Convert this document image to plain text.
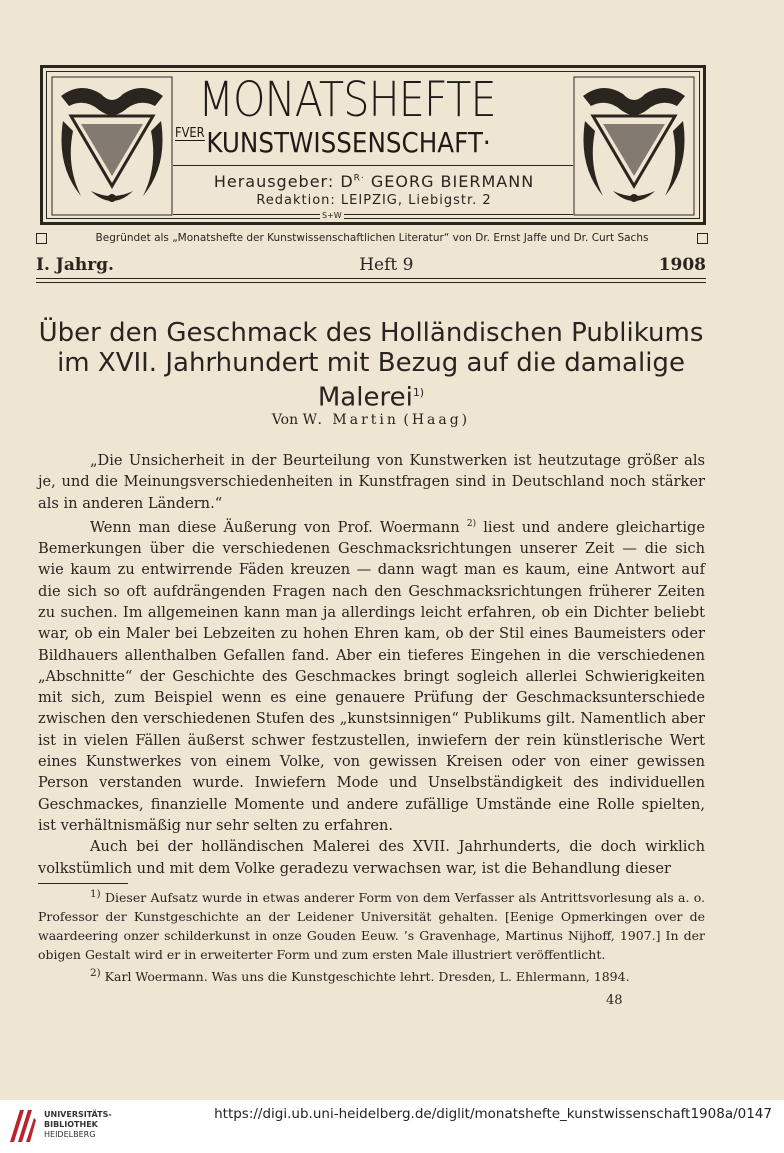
MONATSHEFTE
FVERKUNSTWISSENSCHAFT·
Herausgeber: $D^{R\cdot}$ GEORG BIERMANN
Redaktion: LEIPZIG, Liebigstr. 2
S+W
Begründet als „Monatshefte der Kunstwissenschaftlichen Literatur“ von Dr. Ernst Jaffe und Dr. Curt Sachs
I. Jahrg.	Heft 9	1908
Über den Geschmack des Holländischen Publikums
im XVII. Jahrhundert mit Bezug auf die damalige
Malerei$^{1)}$
Von W. Martin (Haag)

„Die Unsicherheit in der Beurteilung von Kunstwerken ist heutzutage größer als je, und die Meinungsverschiedenheiten in Kunstfragen sind in Deutschland noch stärker als in anderen Ländern.“

Wenn man diese Äußerung von Prof. Woermann $^{2)}$ liest und andere gleichartige Bemerkungen über die verschiedenen Geschmacksrichtungen unserer Zeit — die sich wie kaum zu entwirrende Fäden kreuzen — dann wagt man es kaum, eine Antwort auf die sich so oft aufdrängenden Fragen nach den Geschmacksrichtungen früherer Zeiten zu suchen. Im allgemeinen kann man ja allerdings leicht erfahren, ob ein Dichter beliebt war, ob ein Maler bei Lebzeiten zu hohen Ehren kam, ob der Stil eines Baumeisters oder Bildhauers allenthalben Gefallen fand. Aber ein tieferes Eingehen in die verschiedenen „Abschnitte“ der Geschichte des Geschmackes bringt sogleich allerlei Schwierigkeiten mit sich, zum Beispiel wenn es eine genauere Prüfung der Geschmacksunterschiede zwischen den verschiedenen Stufen des „kunstsinnigen“ Publikums gilt. Namentlich aber ist in vielen Fällen äußerst schwer festzustellen, inwiefern der rein künstlerische Wert eines Kunstwerkes von einem Volke, von gewissen Kreisen oder von einer gewissen Person verstanden wurde. Inwiefern Mode und Unselbständigkeit des individuellen Geschmackes, finanzielle Momente und andere zufällige Umstände eine Rolle spielten, ist verhältnismäßig nur sehr selten zu erfahren.

Auch bei der holländischen Malerei des XVII. Jahrhunderts, die doch wirklich volkstümlich und mit dem Volke geradezu verwachsen war, ist die Behandlung dieser

$^{1)}$ Dieser Aufsatz wurde in etwas anderer Form von dem Verfasser als Antrittsvorlesung als a. o. Professor der Kunstgeschichte an der Leidener Universität gehalten. [Eenige Opmerkingen over de waardeering onzer schilderkunst in onze Gouden Eeuw. ’s Gravenhage, Martinus Nijhoff, 1907.] In der obigen Gestalt wird er in erweiterter Form und zum ersten Male illustriert veröffentlicht.

$^{2)}$ Karl Woermann. Was uns die Kunstgeschichte lehrt. Dresden, L. Ehlermann, 1894.

48
UNIVERSITÄTS-
BIBLIOTHEK
HEIDELBERG
https://digi.ub.uni-heidelberg.de/diglit/monatshefte_kunstwissenschaft1908a/0147
